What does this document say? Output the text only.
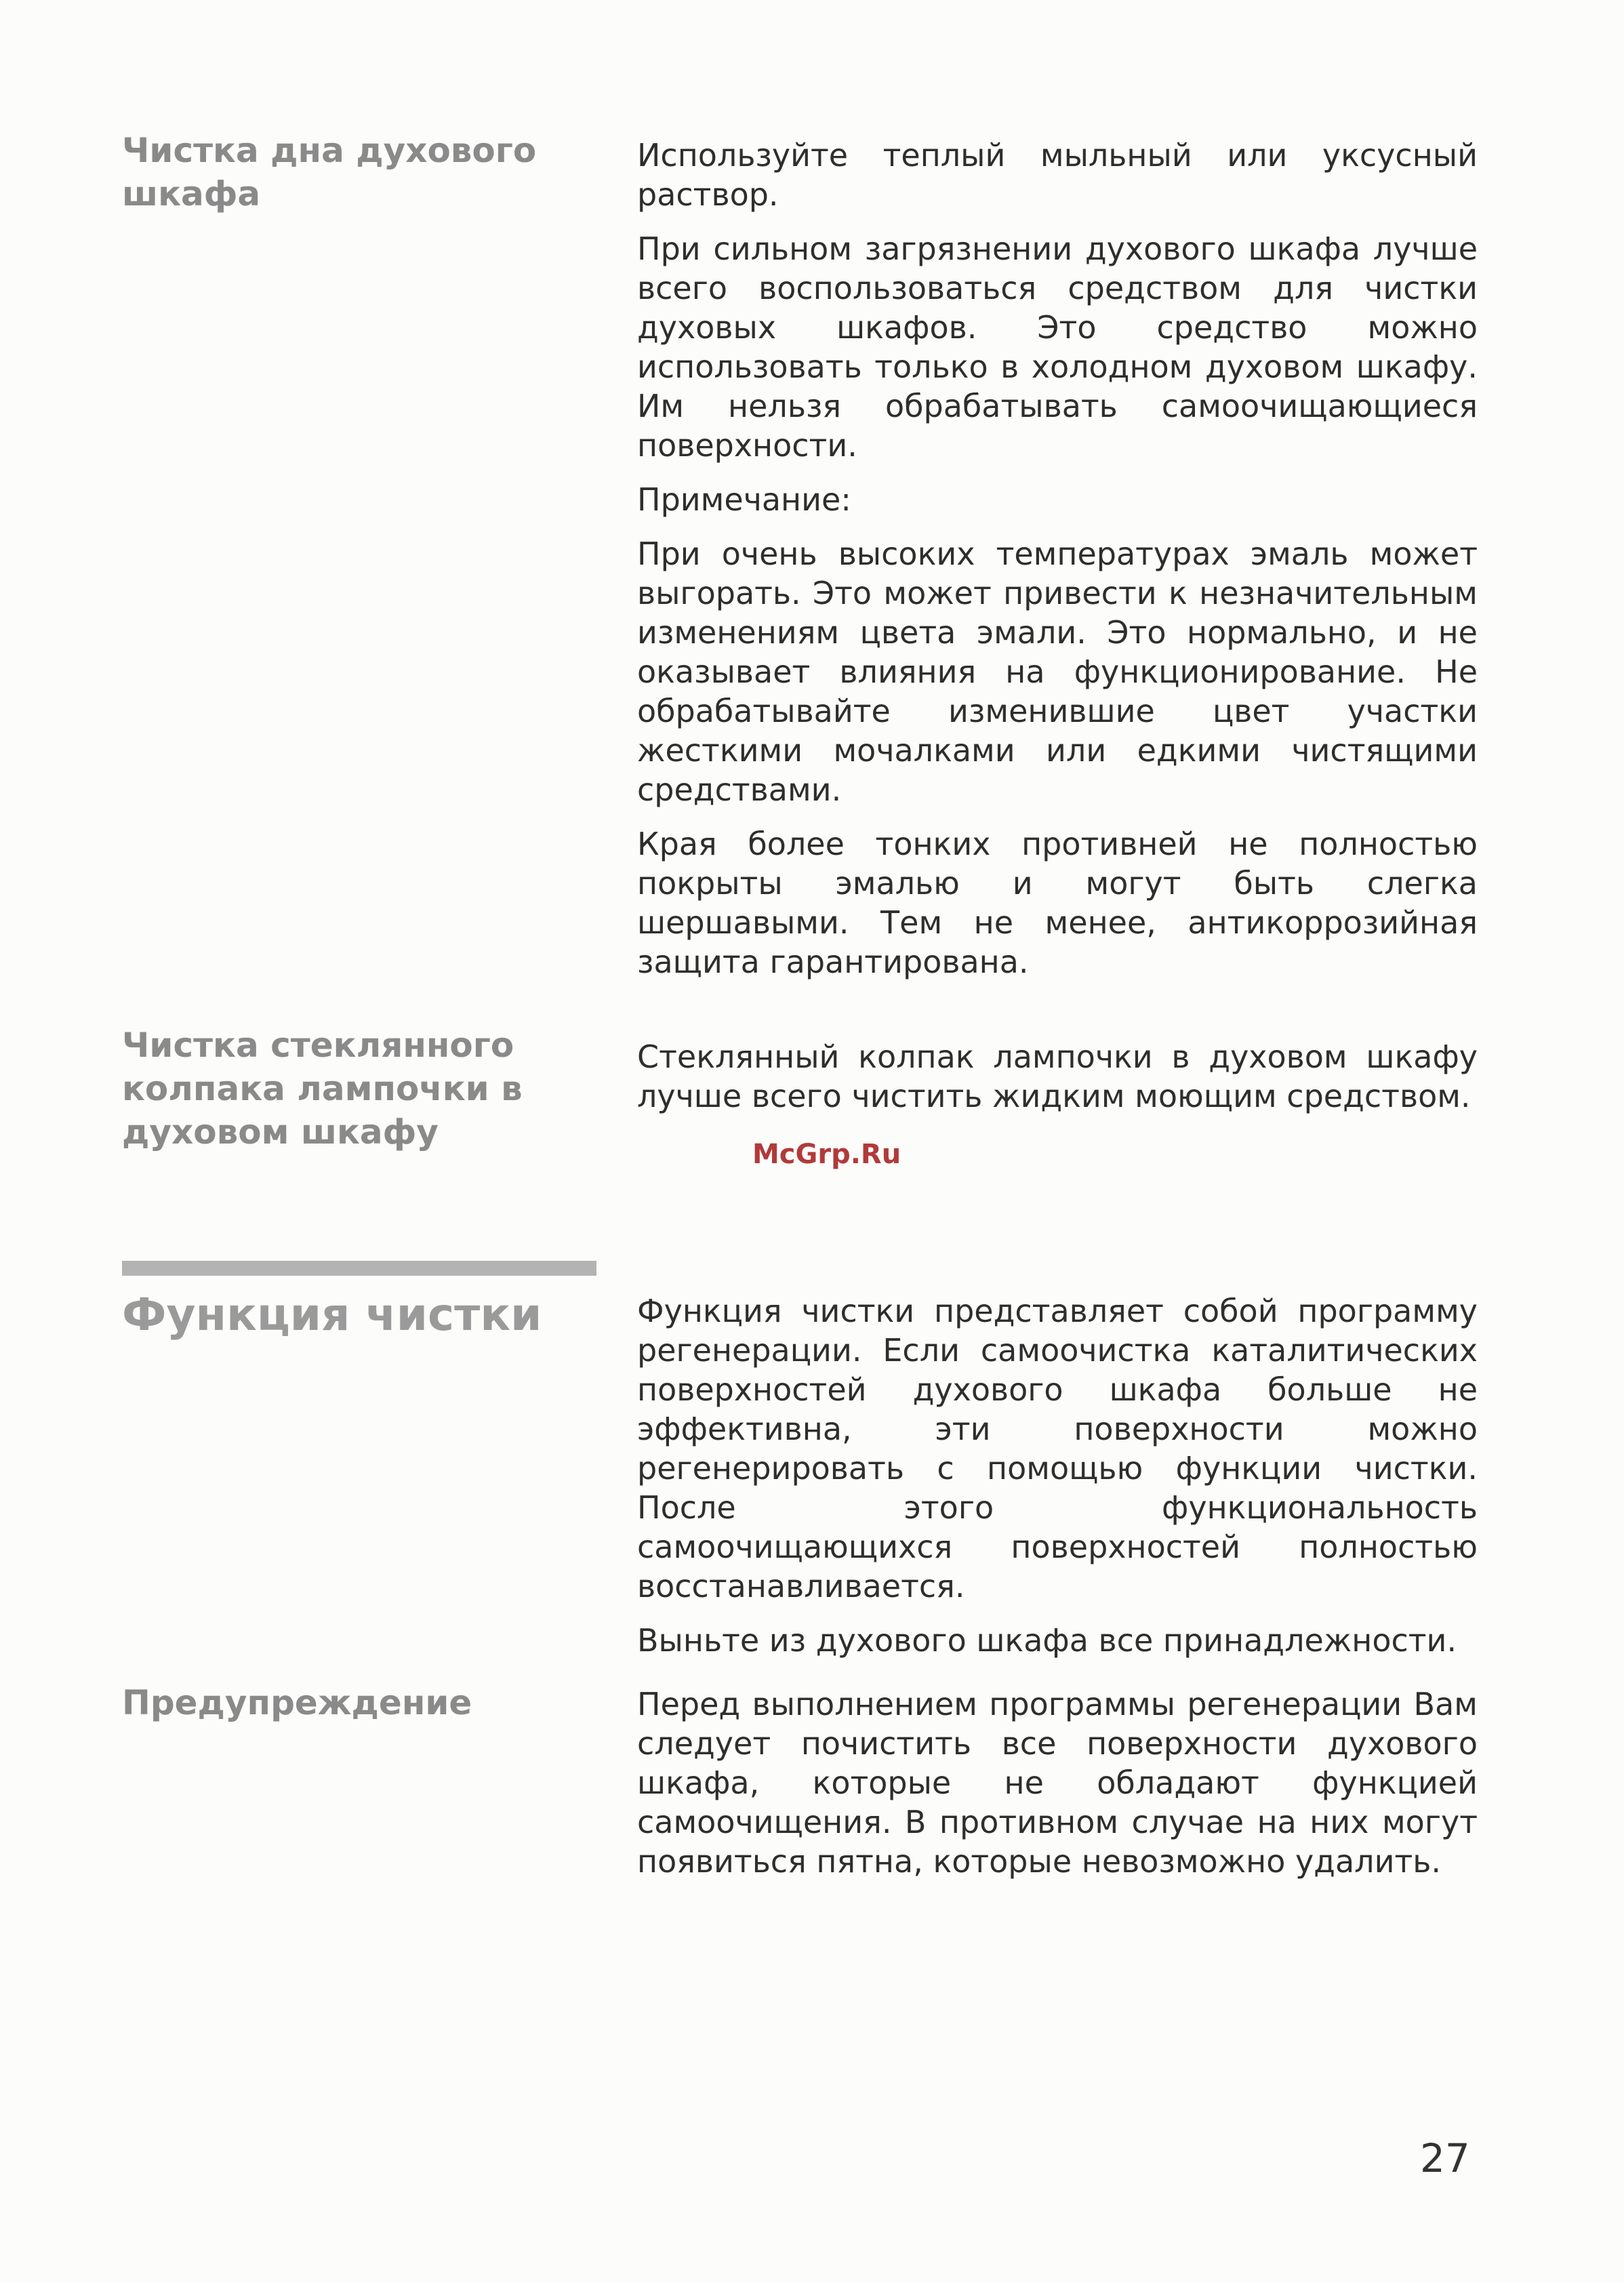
Чистка дна духового шкафа

Используйте теплый мыльный или уксусный раствор.

При сильном загрязнении духового шкафа лучше всего воспользоваться средством для чистки духовых шкафов. Это средство можно использовать только в холодном духовом шкафу. Им нельзя обрабатывать самоочищающиеся поверхности.

Примечание:

При очень высоких температурах эмаль может выгорать. Это может привести к незначительным изменениям цвета эмали. Это нормально, и не оказывает влияния на функционирование. Не обрабатывайте изменившие цвет участки жесткими мочалками или едкими чистящими средствами.

Края более тонких противней не полностью покрыты эмалью и могут быть слегка шершавыми. Тем не менее, антикоррозийная защита гарантирована.

Чистка стеклянного колпака лампочки в духовом шкафу

Стеклянный колпак лампочки в духовом шкафу лучше всего чистить жидким моющим средством.

McGrp.Ru
Функция чистки	Функция чистки представляет собой программу регенерации. Если самоочистка каталитических поверхностей духового шкафа больше не эффективна, эти поверхности можно регенерировать с помощью функции чистки. После этого функциональность самоочищающихся поверхностей полностью восстанавливается.

Выньте из духового шкафа все принадлежности.

Предупреждение	Перед выполнением программы регенерации Вам следует почистить все поверхности духового шкафа, которые не обладают функцией самоочищения. В противном случае на них могут появиться пятна, которые невозможно удалить.

27
